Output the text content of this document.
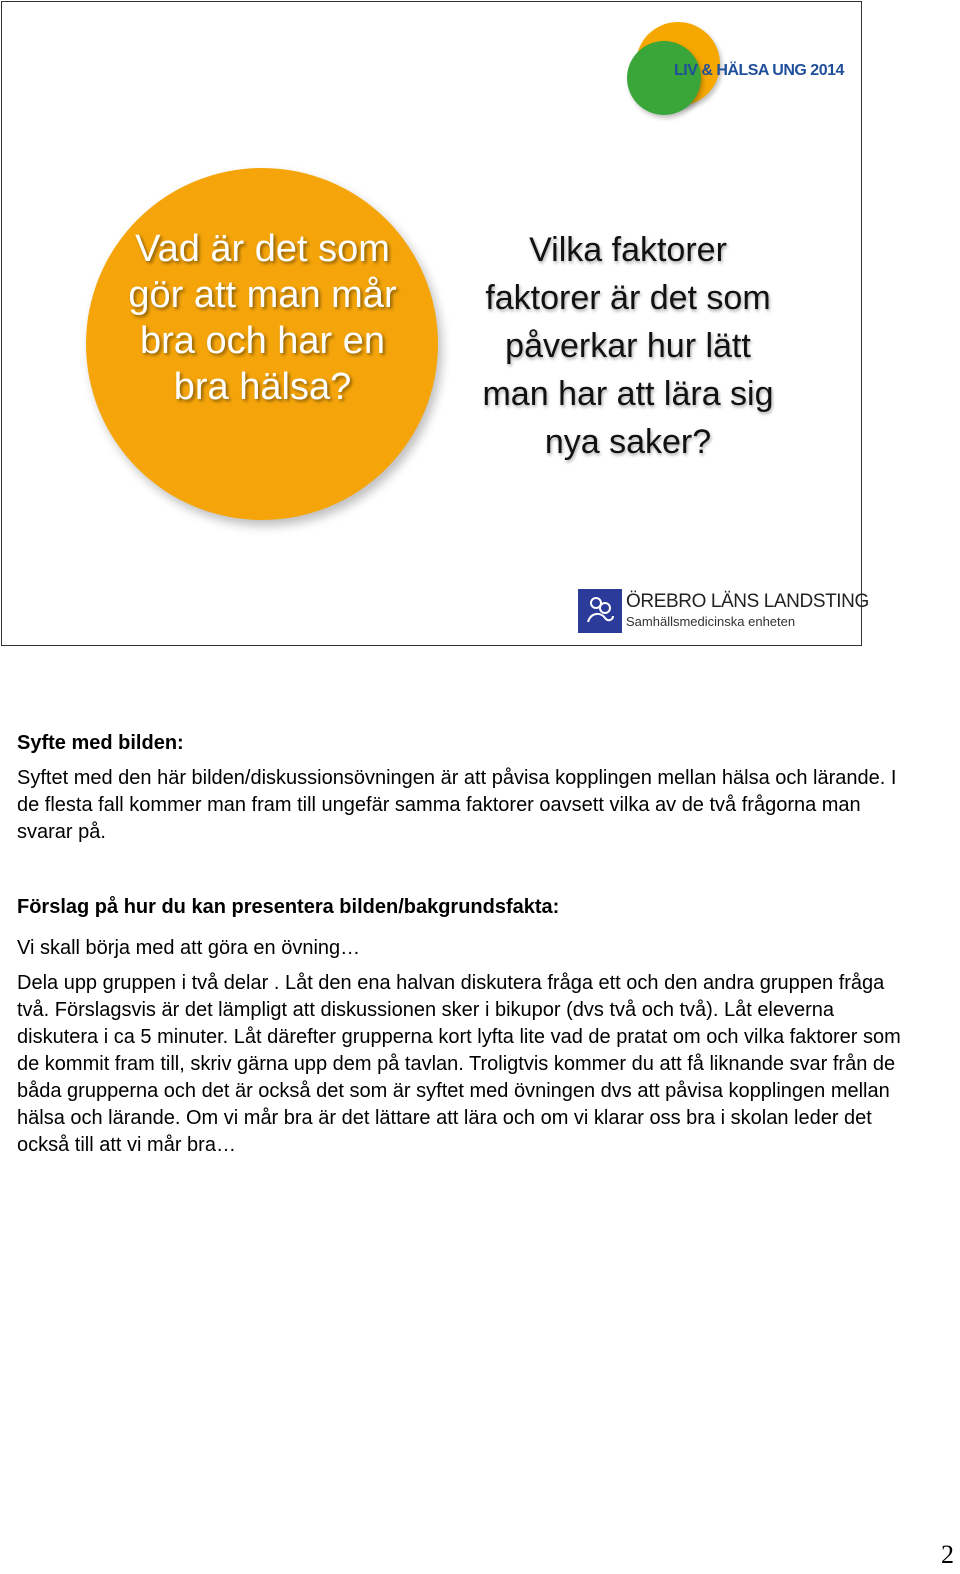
LIV & HÄLSA UNG 2014
Vad är det som gör att man mår bra och har en bra hälsa?
Vilka faktorer faktorer är det som påverkar hur lätt man har att lära sig nya saker?
ÖREBRO LÄNS LANDSTING
Samhällsmedicinska enheten
Syfte med bilden:

Syftet med den här bilden/diskussionsövningen är att påvisa kopplingen mellan hälsa och lärande. I de flesta fall kommer man fram till ungefär samma faktorer oavsett vilka av de två frågorna man svarar på.

Förslag på hur du kan presentera bilden/bakgrundsfakta:

Vi skall börja med att göra en övning…

Dela upp gruppen i två delar . Låt den ena halvan diskutera fråga ett och den andra gruppen fråga två. Förslagsvis är det lämpligt att diskussionen sker i bikupor (dvs två och två). Låt eleverna diskutera i ca 5 minuter. Låt därefter grupperna kort lyfta lite vad de pratat om och vilka faktorer som de kommit fram till, skriv gärna upp dem på tavlan. Troligtvis kommer du att få liknande svar från de båda grupperna och det är också det som är syftet med övningen dvs att påvisa kopplingen mellan hälsa och lärande. Om vi mår bra är det lättare att lära och om vi klarar oss bra i skolan leder det också till att vi mår bra…

2
